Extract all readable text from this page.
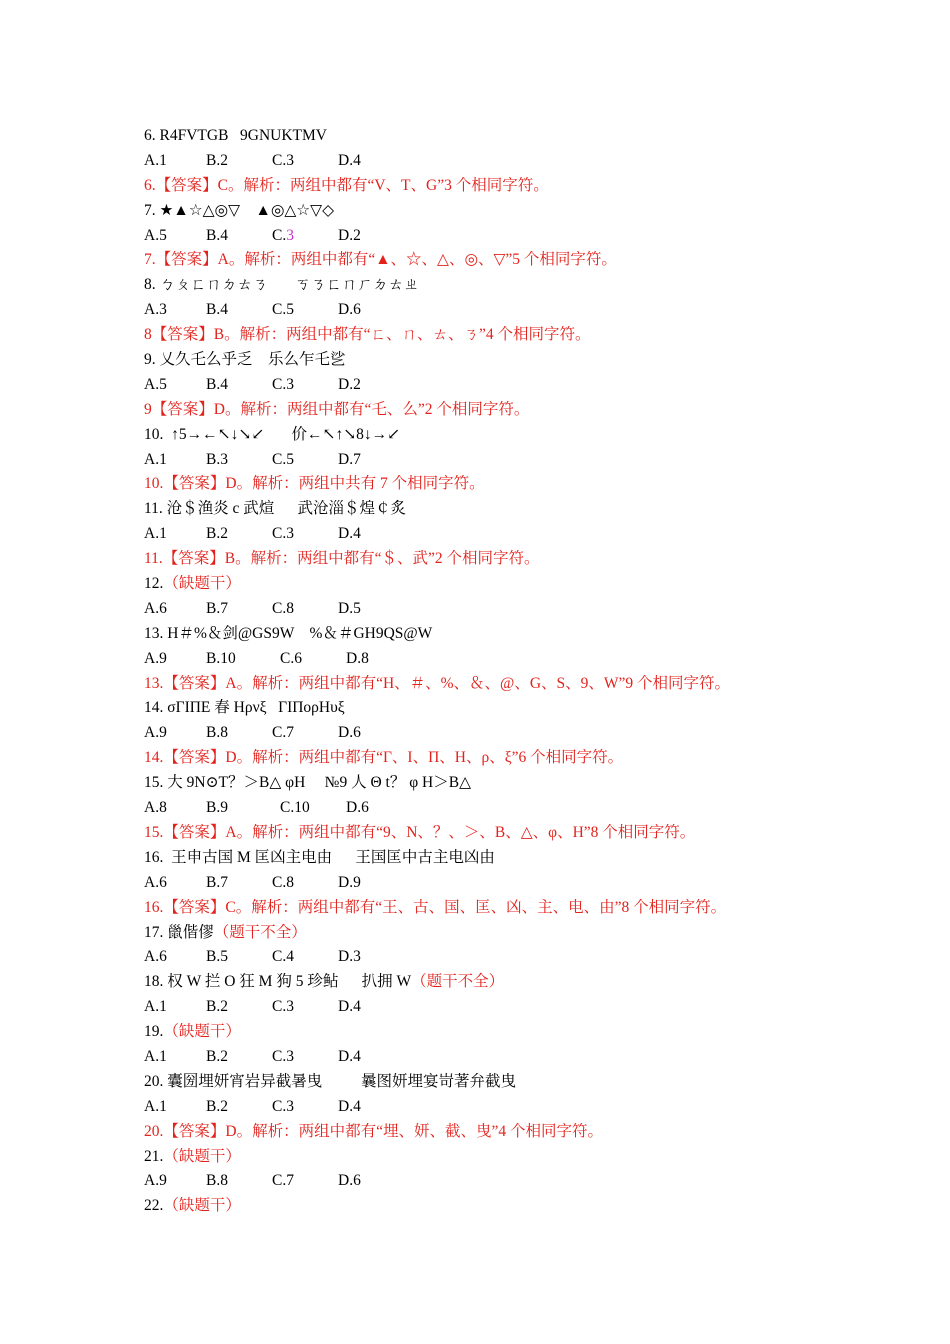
6. R4FVTGB   9GNUKTMV
A.1	B.2	C.3	D.4
6.【答案】C。解析：两组中都有“V、T、G”3 个相同字符。
7. ★▲☆△◎▽    ▲◎△☆▽◇
A.5	B.4	C.3	D.2
7.【答案】A。解析：两组中都有“▲、☆、△、◎、▽”5 个相同字符。
8. ㄅㄆㄈㄇㄉㄊㄋ       ㄎㄋㄈㄇㄏㄉㄊㄓ
A.3	B.4	C.5	D.6
8【答案】B。解析：两组中都有“ㄈ、ㄇ、ㄊ、ㄋ”4 个相同字符。
9. 乂久乇么乎乏    乐么乍乇乷
A.5	B.4	C.3	D.2
9【答案】D。解析：两组中都有“乇、么”2 个相同字符。
10.  ↑5→←↖↓↘↙       价←↖↑↘8↓→↙
A.1	B.3	C.5	D.7
10.【答案】D。解析：两组中共有 7 个相同字符。
11. 沧＄渔炎 c 武煊      武沧淄＄煌￠炙
A.1	B.2	C.3	D.4
11.【答案】B。解析：两组中都有“＄、武”2 个相同字符。
12.（缺题干）
A.6	B.7	C.8	D.5
13. H＃%＆剑@GS9W    %＆＃GH9QS@W
A.9	B.10	C.6	D.8
13.【答案】A。解析：两组中都有“H、＃、%、＆、@、G、S、9、W”9 个相同字符。
14. σΓΙΠΕ 春 Hρνξ   ΓΙΠορΗυξ
A.9	B.8	C.7	D.6
14.【答案】D。解析：两组中都有“Γ、Ι、Π、Η、ρ、ξ”6 个相同字符。
15. 大 9N⊙T？＞B△ φH     №9 人 Θ t？ φ H＞B△
A.8	B.9	C.10 D.6
15.【答案】A。解析：两组中都有“9、N、？、＞、B、△、φ、H”8 个相同字符。
16.  王申古国 M 匡凶主电由      王国匡中古主电凶由
A.6	B.7	C.8	D.9
16.【答案】C。解析：两组中都有“王、古、国、匡、凶、主、电、由”8 个相同字符。
17. 巤偕僇（题干不全）
A.6	B.5	C.4	D.3
18. 权 W 拦 O 狂 M 狗 5 珍鲇      扒拥 W（题干不全）
A.1	B.2	C.3	D.4
19.（缺题干）
A.1	B.2	C.3	D.4
20. 囊圀埋妍宵岩异截暑曳          曩图妍埋宴岢著弁截曳
A.1	B.2	C.3	D.4
20.【答案】D。解析：两组中都有“埋、妍、截、曳”4 个相同字符。
21.（缺题干）
A.9	B.8	C.7	D.6
22.（缺题干）
